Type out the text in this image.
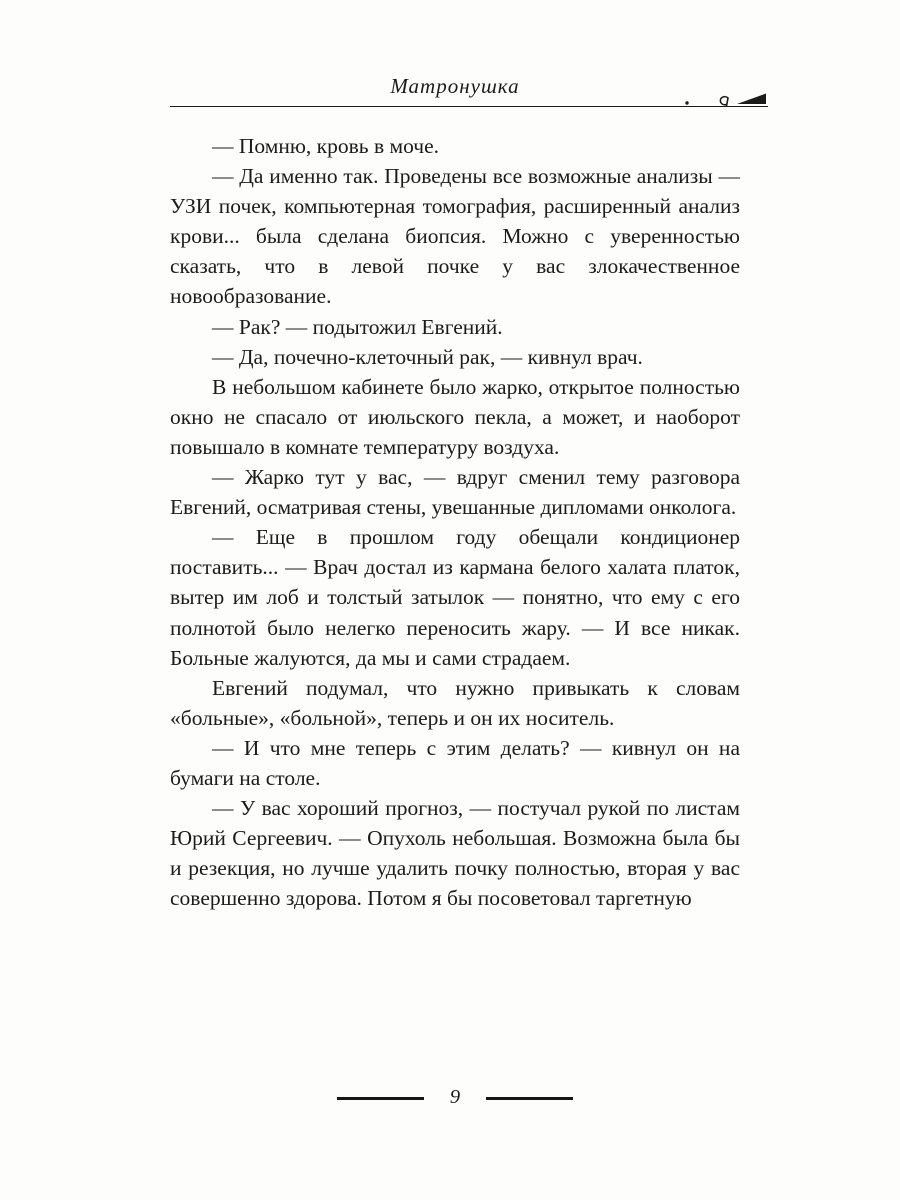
Матронушка

— Помню, кровь в моче.

— Да именно так. Проведены все возможные анализы — УЗИ почек, компьютерная томография, расширенный анализ крови... была сделана биопсия. Можно с уверенностью сказать, что в левой почке у вас злокачественное новообразование.

— Рак? — подытожил Евгений.

— Да, почечно-клеточный рак, — кивнул врач.

В небольшом кабинете было жарко, открытое полностью окно не спасало от июльского пекла, а может, и наоборот повышало в комнате температуру воздуха.

— Жарко тут у вас, — вдруг сменил тему разговора Евгений, осматривая стены, увешанные дипломами онколога.

— Еще в прошлом году обещали кондиционер поставить... — Врач достал из кармана белого халата платок, вытер им лоб и толстый затылок — понятно, что ему с его полнотой было нелегко переносить жару. — И все никак. Больные жалуются, да мы и сами страдаем.

Евгений подумал, что нужно привыкать к словам «больные», «больной», теперь и он их носитель.

— И что мне теперь с этим делать? — кивнул он на бумаги на столе.

— У вас хороший прогноз, — постучал рукой по листам Юрий Сергеевич. — Опухоль небольшая. Возможна была бы и резекция, но лучше удалить почку полностью, вторая у вас совершенно здорова. Потом я бы посоветовал таргетную

9
